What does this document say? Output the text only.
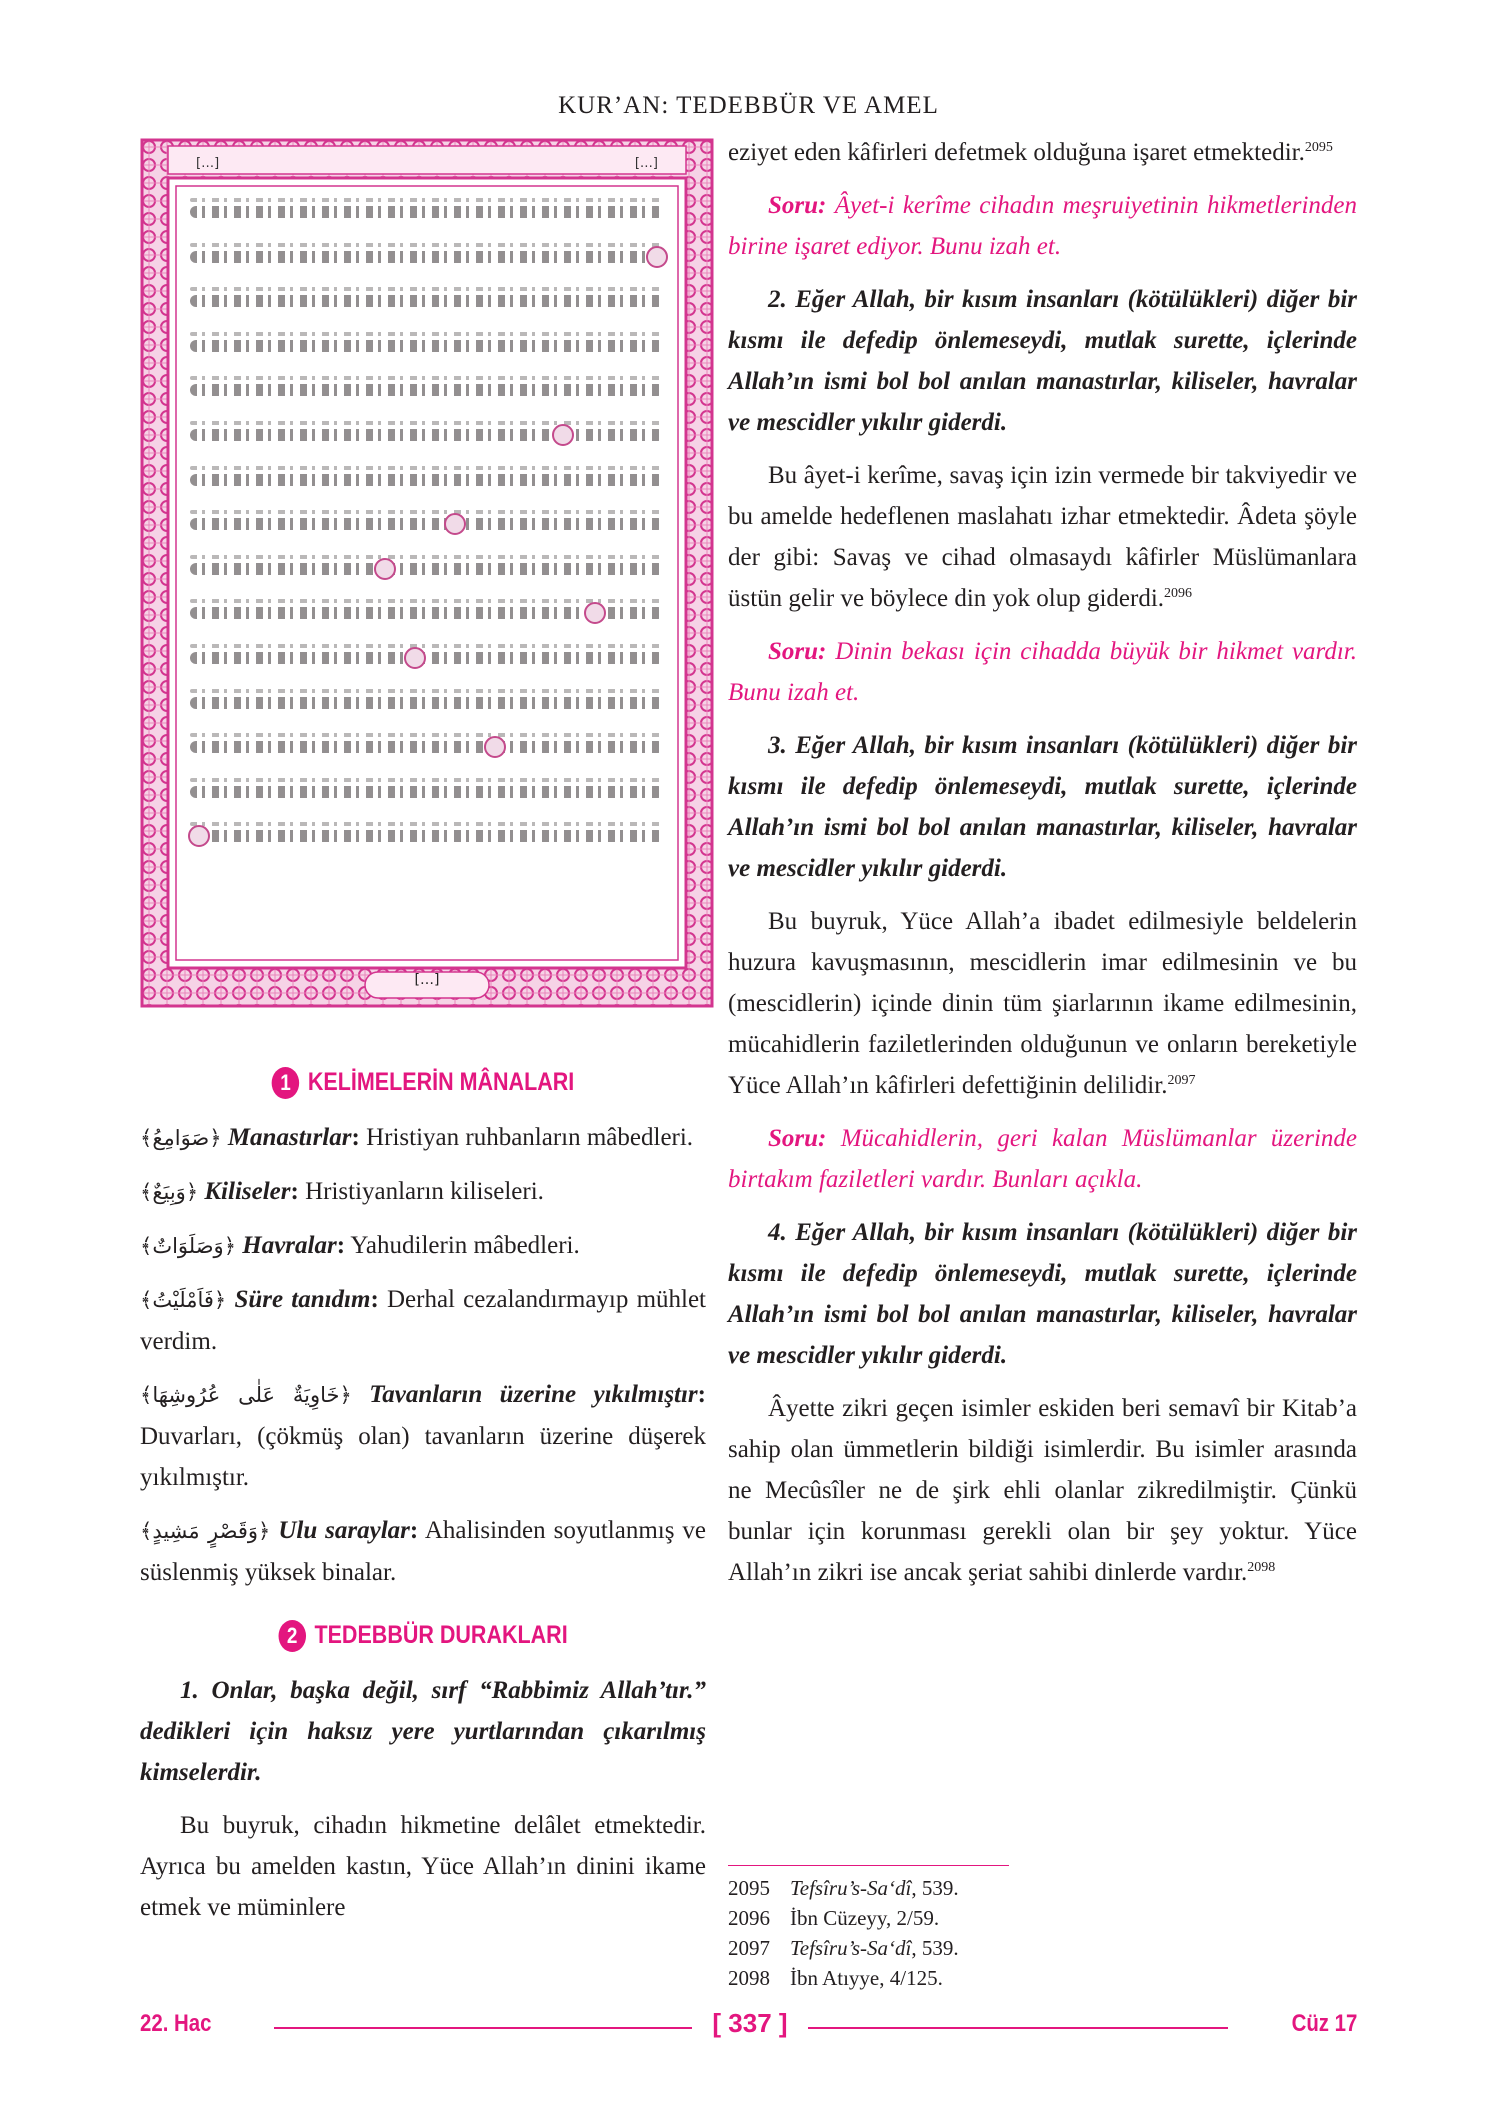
KUR’AN: TEDEBBÜR VE AMEL
[…]
[…]
[…]
1 KELİMELERİN MÂNALARI

﴾صَوَامِعُ﴿ Manastırlar: Hristiyan ruhbanların mâbedleri.

﴾وَبِيَعٌ﴿ Kiliseler: Hristiyanların kiliseleri.

﴾وَصَلَوَاتٌ﴿ Havralar: Yahudilerin mâbedleri.

﴾فَاَمْلَيْتُ﴿ Süre tanıdım: Derhal cezalandırmayıp mühlet verdim.

﴾خَاوِيَةٌ عَلٰى عُرُوشِهَا﴿ Tavanların üzerine yıkılmıştır: Duvarları, (çökmüş olan) tavanların üzerine düşerek yıkılmıştır.

﴾وَقَصْرٍ مَشِيدٍ﴿ Ulu saraylar: Ahalisinden soyutlanmış ve süslenmiş yüksek binalar.

2 TEDEBBÜR DURAKLARI

1. Onlar, başka değil, sırf “Rabbimiz Allah’tır.” dedikleri için haksız yere yurtlarından çıkarılmış kimselerdir.

Bu buyruk, cihadın hikmetine delâlet etmektedir. Ayrıca bu amelden kastın, Yüce Allah’ın dinini ikame etmek ve müminlere

eziyet eden kâfirleri defetmek olduğuna işaret etmektedir.$^{2095}$

Soru: Âyet-i kerîme cihadın meşruiyetinin hikmetlerinden birine işaret ediyor. Bunu izah et.

2. Eğer Allah, bir kısım insanları (kötülükleri) diğer bir kısmı ile defedip önlemeseydi, mutlak surette, içlerinde Allah’ın ismi bol bol anılan manastırlar, kiliseler, havralar ve mescidler yıkılır giderdi.

Bu âyet-i kerîme, savaş için izin vermede bir takviyedir ve bu amelde hedeflenen maslahatı izhar etmektedir. Âdeta şöyle der gibi: Savaş ve cihad olmasaydı kâfirler Müslümanlara üstün gelir ve böylece din yok olup giderdi.$^{2096}$

Soru: Dinin bekası için cihadda büyük bir hikmet vardır. Bunu izah et.

3. Eğer Allah, bir kısım insanları (kötülükleri) diğer bir kısmı ile defedip önlemeseydi, mutlak surette, içlerinde Allah’ın ismi bol bol anılan manastırlar, kiliseler, havralar ve mescidler yıkılır giderdi.

Bu buyruk, Yüce Allah’a ibadet edilmesiyle beldelerin huzura kavuşmasının, mescidlerin imar edilmesinin ve bu (mescidlerin) içinde dinin tüm şiarlarının ikame edilmesinin, mücahidlerin faziletlerinden olduğunun ve onların bereketiyle Yüce Allah’ın kâfirleri defettiğinin delilidir.$^{2097}$

Soru: Mücahidlerin, geri kalan Müslümanlar üzerinde birtakım faziletleri vardır. Bunları açıkla.

4. Eğer Allah, bir kısım insanları (kötülükleri) diğer bir kısmı ile defedip önlemeseydi, mutlak surette, içlerinde Allah’ın ismi bol bol anılan manastırlar, kiliseler, havralar ve mescidler yıkılır giderdi.

Âyette zikri geçen isimler eskiden beri semavî bir Kitab’a sahip olan ümmetlerin bildiği isimlerdir. Bu isimler arasında ne Mecûsîler ne de şirk ehli olanlar zikredilmiştir. Çünkü bunlar için korunması gerekli olan bir şey yoktur. Yüce Allah’ın zikri ise ancak şeriat sahibi dinlerde vardır.$^{2098}$

2095 Tefsîru’s-Sa‘dî, 539.
2096 İbn Cüzeyy, 2/59.
2097 Tefsîru’s-Sa‘dî, 539.
2098 İbn Atıyye, 4/125.
22. Hac	[ 337 ]	Cüz 17
